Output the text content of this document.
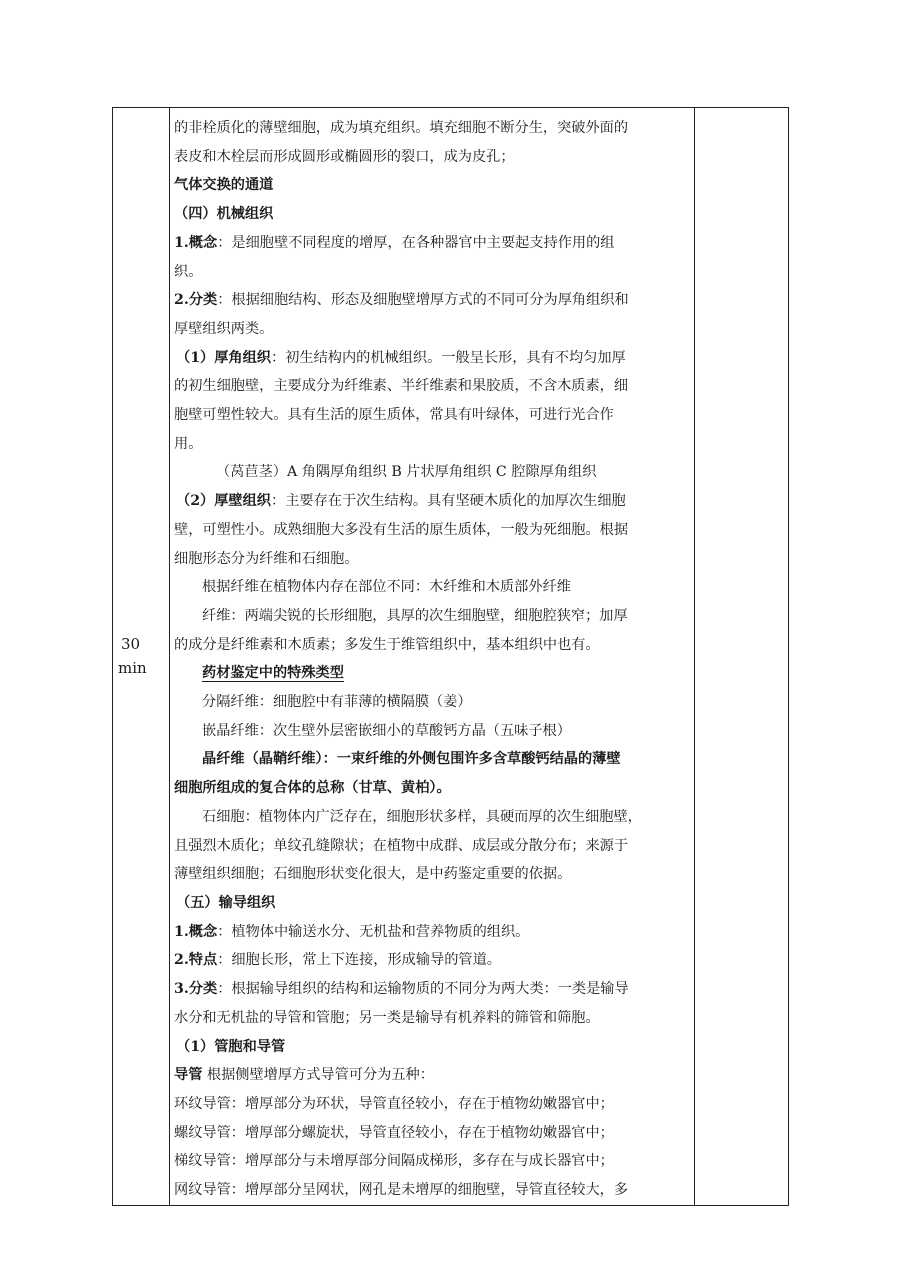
30
min

的非栓质化的薄壁细胞，成为填充组织。填充细胞不断分生，突破外面的

表皮和木栓层而形成圆形或椭圆形的裂口，成为皮孔；

气体交换的通道

（四）机械组织

1.概念：是细胞壁不同程度的增厚，在各种器官中主要起支持作用的组

织。

2.分类：根据细胞结构、形态及细胞壁增厚方式的不同可分为厚角组织和

厚壁组织两类。

（1）厚角组织：初生结构内的机械组织。一般呈长形，具有不均匀加厚

的初生细胞壁，主要成分为纤维素、半纤维素和果胶质，不含木质素，细

胞壁可塑性较大。具有生活的原生质体，常具有叶绿体，可进行光合作

用。

（莴苣茎）A 角隅厚角组织 B 片状厚角组织 C 腔隙厚角组织

（2）厚壁组织：主要存在于次生结构。具有坚硬木质化的加厚次生细胞

壁，可塑性小。成熟细胞大多没有生活的原生质体，一般为死细胞。根据

细胞形态分为纤维和石细胞。

根据纤维在植物体内存在部位不同：木纤维和木质部外纤维

纤维：两端尖锐的长形细胞，具厚的次生细胞壁，细胞腔狭窄；加厚

的成分是纤维素和木质素；多发生于维管组织中，基本组织中也有。

药材鉴定中的特殊类型

分隔纤维：细胞腔中有菲薄的横隔膜（姜）

嵌晶纤维：次生壁外层密嵌细小的草酸钙方晶（五味子根）

晶纤维（晶鞘纤维）：一束纤维的外侧包围许多含草酸钙结晶的薄壁

细胞所组成的复合体的总称（甘草、黄柏）。

石细胞：植物体内广泛存在，细胞形状多样，具硬而厚的次生细胞壁，

且强烈木质化；单纹孔缝隙状；在植物中成群、成层或分散分布；来源于

薄壁组织细胞；石细胞形状变化很大，是中药鉴定重要的依据。

（五）输导组织

1.概念：植物体中输送水分、无机盐和营养物质的组织。

2.特点：细胞长形，常上下连接，形成输导的管道。

3.分类：根据输导组织的结构和运输物质的不同分为两大类：一类是输导

水分和无机盐的导管和管胞；另一类是输导有机养料的筛管和筛胞。

（1）管胞和导管

导管 根据侧壁增厚方式导管可分为五种：

环纹导管：增厚部分为环状，导管直径较小，存在于植物幼嫩器官中；

螺纹导管：增厚部分螺旋状，导管直径较小，存在于植物幼嫩器官中；

梯纹导管：增厚部分与未增厚部分间隔成梯形，多存在与成长器官中；

网纹导管：增厚部分呈网状，网孔是未增厚的细胞壁，导管直径较大，多
